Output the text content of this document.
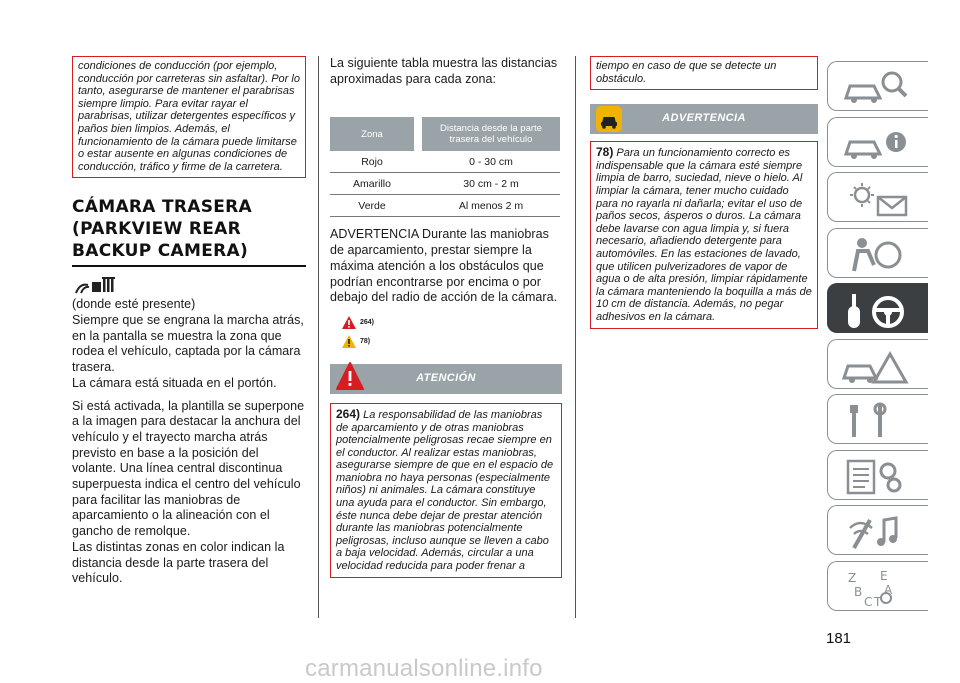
condiciones de conducción (por ejemplo, conducción por carreteras sin asfaltar). Por lo tanto, asegurarse de mantener el parabrisas siempre limpio. Para evitar rayar el parabrisas, utilizar detergentes específicos y paños bien limpios. Además, el funcionamiento de la cámara puede limitarse o estar ausente en algunas condiciones de conducción, tráfico y firme de la carretera.
CÁMARA TRASERA
(PARKVIEW REAR
BACKUP CAMERA)

(donde esté presente)

Siempre que se engrana la marcha atrás, en la pantalla se muestra la zona que rodea el vehículo, captada por la cámara trasera.

La cámara está situada en el portón.

Si está activada, la plantilla se superpone a la imagen para destacar la anchura del vehículo y el trayecto marcha atrás previsto en base a la posición del volante. Una línea central discontinua superpuesta indica el centro del vehículo para facilitar las maniobras de aparcamiento o la alineación con el gancho de remolque.

Las distintas zonas en color indican la distancia desde la parte trasera del vehículo.

La siguiente tabla muestra las distancias aproximadas para cada zona:

Zona		Distancia desde la parte trasera del vehículo
Rojo		0 - 30 cm
Amarillo		30 cm - 2 m
Verde		Al menos 2 m

ADVERTENCIA Durante las maniobras de aparcamiento, prestar siempre la máxima atención a los obstáculos que podrían encontrarse por encima o por debajo del radio de acción de la cámara.

264)
78)
ATENCIÓN
264) La responsabilidad de las maniobras de aparcamiento y de otras maniobras potencialmente peligrosas recae siempre en el conductor. Al realizar estas maniobras, asegurarse siempre de que en el espacio de maniobra no haya personas (especialmente niños) ni animales. La cámara constituye una ayuda para el conductor. Sin embargo, éste nunca debe dejar de prestar atención durante las maniobras potencialmente peligrosas, incluso aunque se lleven a cabo a baja velocidad. Además, circular a una velocidad reducida para poder frenar a
tiempo en caso de que se detecte un obstáculo.
ADVERTENCIA
78) Para un funcionamiento correcto es indispensable que la cámara esté siempre limpia de barro, suciedad, nieve o hielo. Al limpiar la cámara, tener mucho cuidado para no rayarla ni dañarla; evitar el uso de paños secos, ásperos o duros. La cámara debe lavarse con agua limpia y, si fuera necesario, añadiendo detergente para automóviles. En las estaciones de lavado, que utilicen pulverizadores de vapor de agua o de alta presión, limpiar rápidamente la cámara manteniendo la boquilla a más de 10 cm de distancia. Además, no pegar adhesivos en la cámara.
Z E
B A
C T
181
carmanualsonline.info
